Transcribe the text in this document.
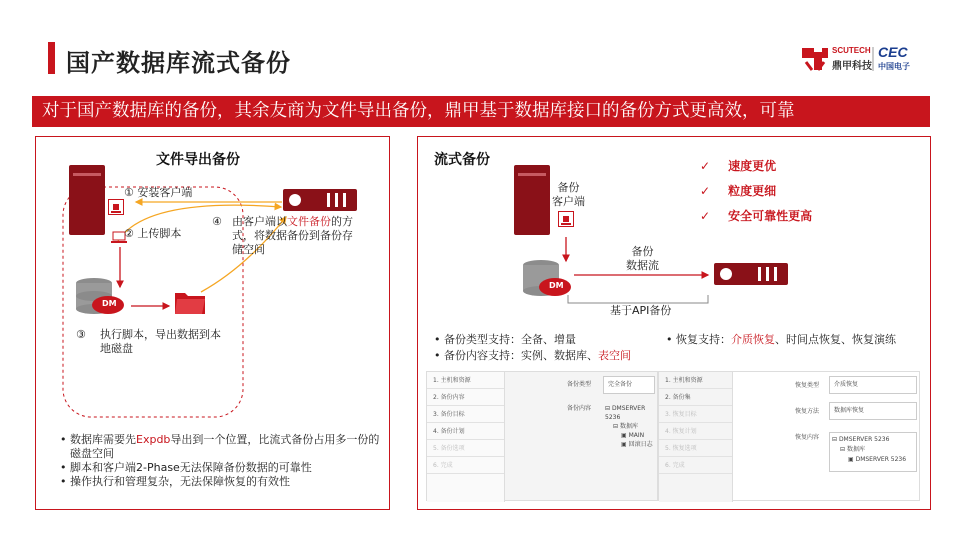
国产数据库流式备份	SCUTECH
鼎甲科技
CEC
中国电子
对于国产数据库的备份，其余友商为文件导出备份，鼎甲基于数据库接口的备份方式更高效，可靠
文件导出备份
① 安装客户端
② 上传脚本
④ 由客户端以文件备份的方式，将数据备份到备份存储空间
DM
③ 执行脚本，导出数据到本地磁盘
• 数据库需要先Expdb导出到一个位置，比流式备份占用多一份的磁盘空间
• 脚本和客户端2-Phase无法保障备份数据的可靠性
• 操作执行和管理复杂，无法保障恢复的有效性
流式备份
备份
客户端
DM
备份
数据流
基于API备份
✓ 速度更优
✓ 粒度更细
✓ 安全可靠性更高
• 备份类型支持：全备、增量
• 备份内容支持：实例、数据库、表空间
• 恢复支持：介质恢复、时间点恢复、恢复演练
1. 主机和资源
2. 备份内容
3. 备份目标
4. 备份计划
5. 备份选项
6. 完成
备份类型	完全备份
备份内容 ⊟ DMSERVER 5236
⊟ 数据库
▣ MAIN
▣ 回滚日志
1. 主机和资源
2. 备份集
3. 恢复目标
4. 恢复计划
5. 恢复选项
6. 完成
恢复类型	介质恢复
恢复方法	数据库恢复
恢复内容 ⊟ DMSERVER 5236
⊟ 数据库
▣ DMSERVER 5236
